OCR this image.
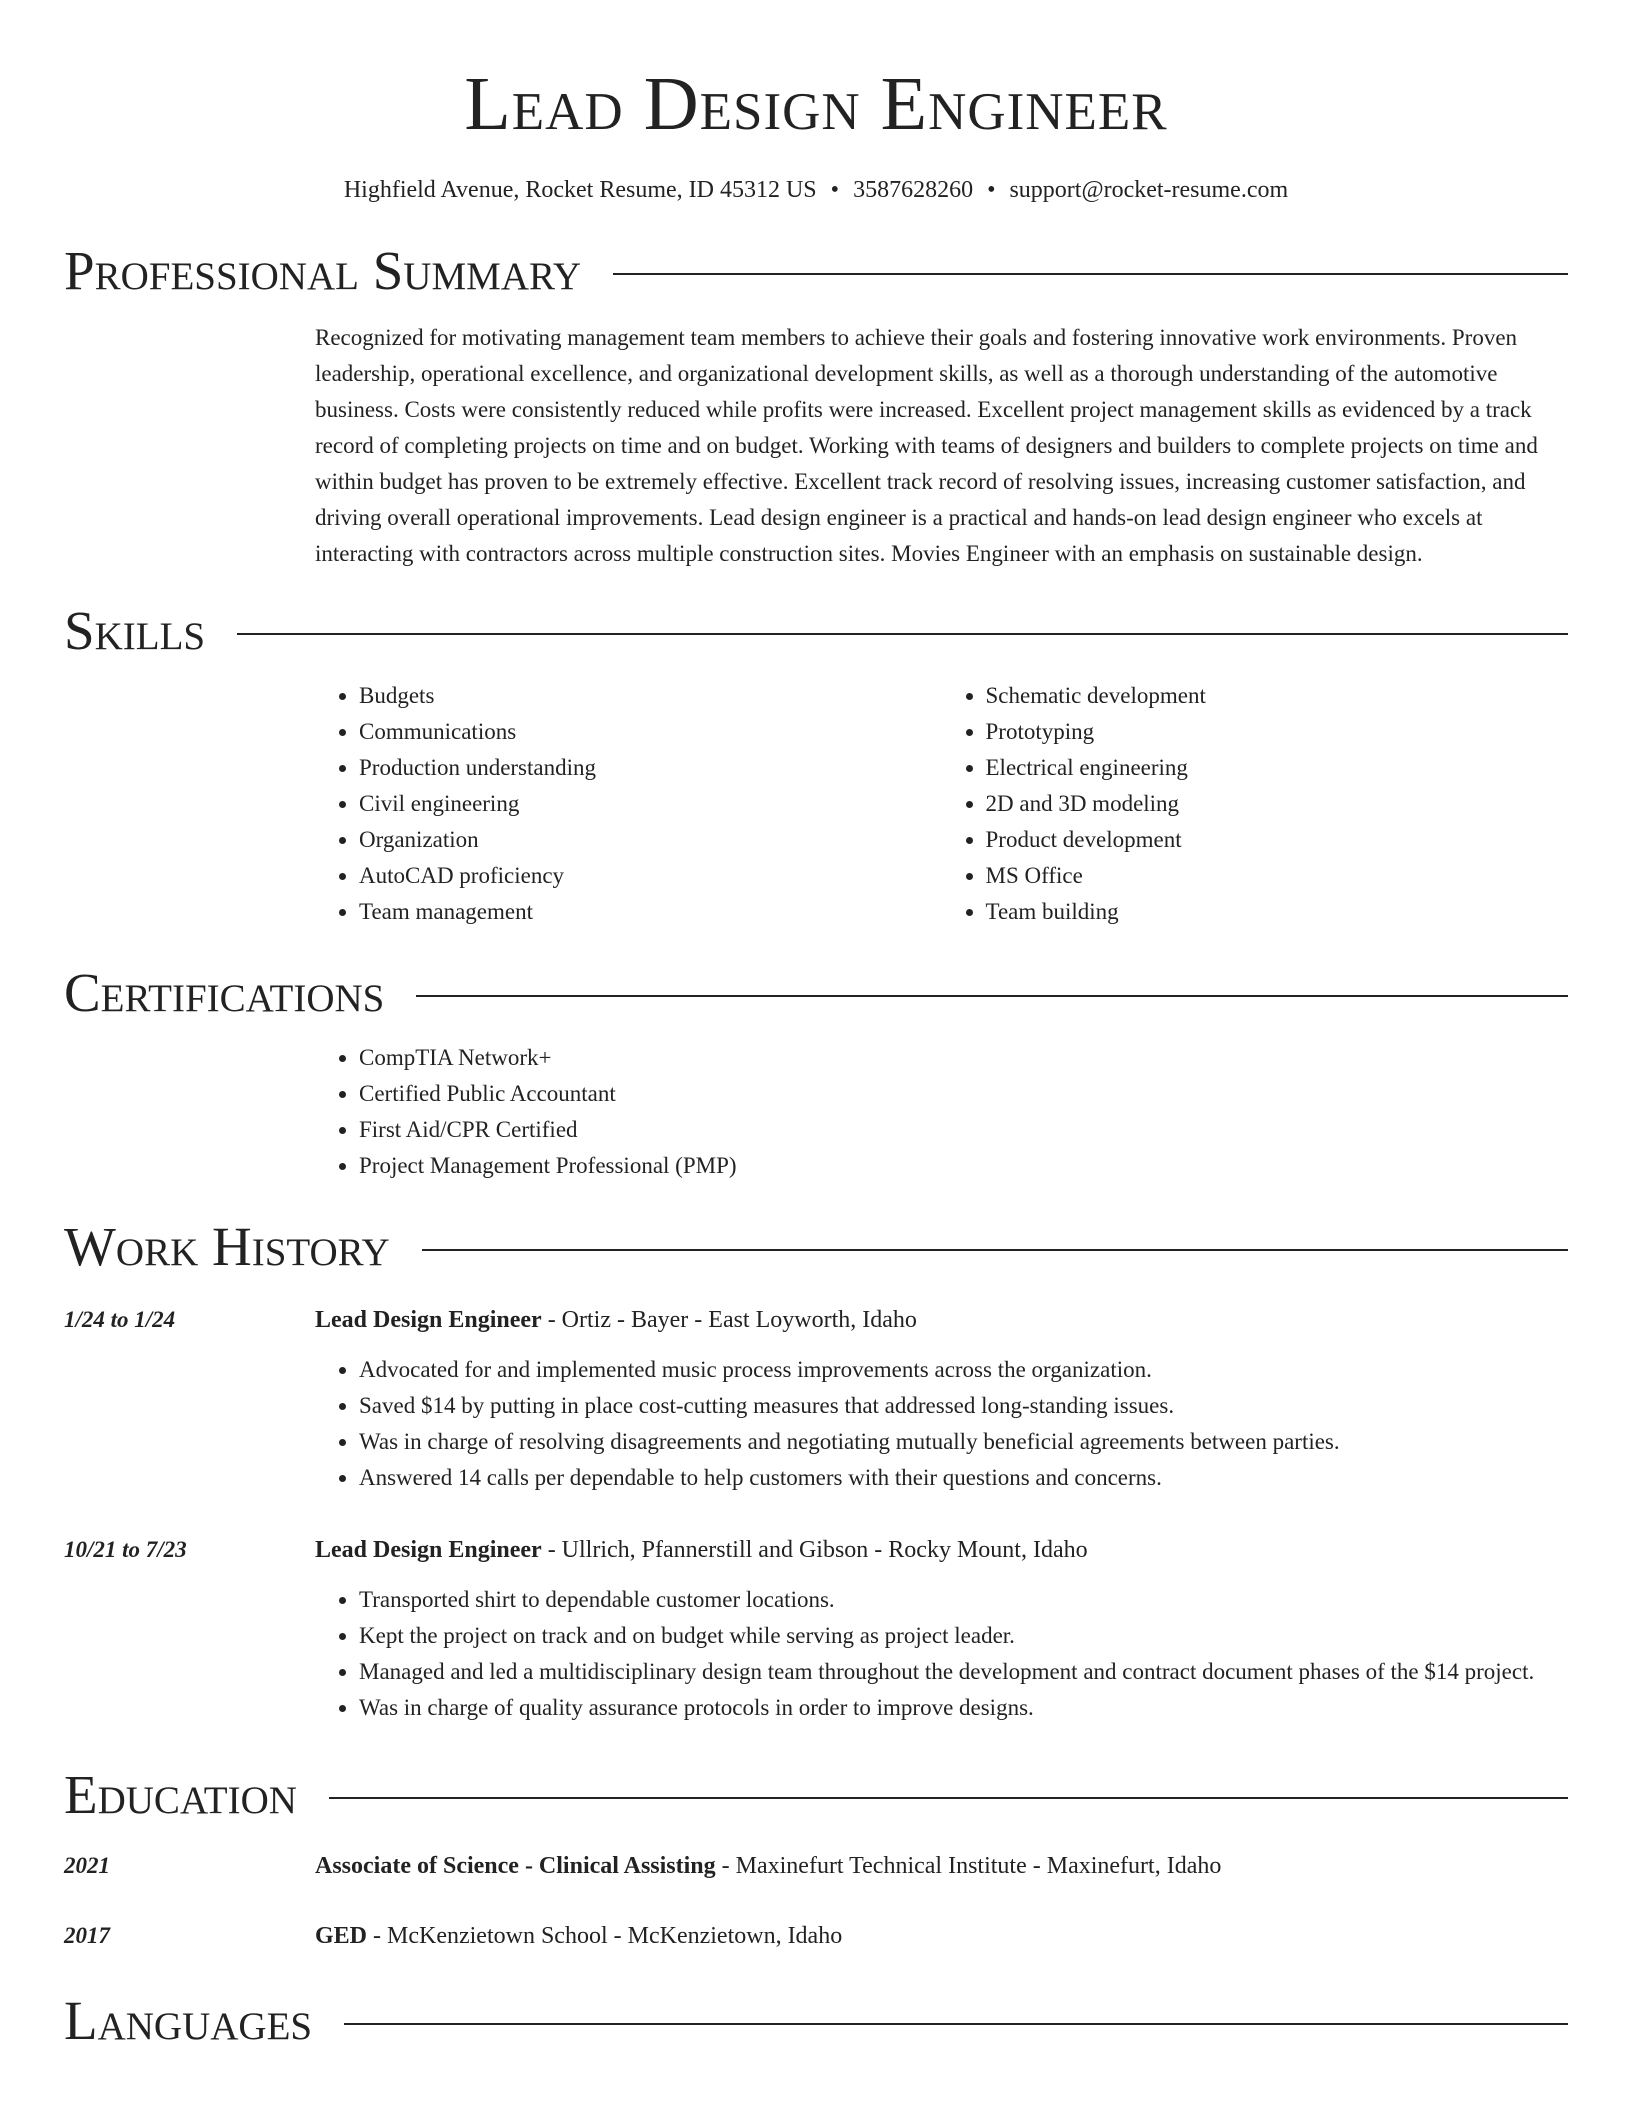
Lead Design Engineer
Highfield Avenue, Rocket Resume, ID 45312 US • 3587628260 • support@rocket-resume.com
Professional Summary
Recognized for motivating management team members to achieve their goals and fostering innovative work environments. Proven leadership, operational excellence, and organizational development skills, as well as a thorough understanding of the automotive business. Costs were consistently reduced while profits were increased. Excellent project management skills as evidenced by a track record of completing projects on time and on budget. Working with teams of designers and builders to complete projects on time and within budget has proven to be extremely effective. Excellent track record of resolving issues, increasing customer satisfaction, and driving overall operational improvements. Lead design engineer is a practical and hands-on lead design engineer who excels at interacting with contractors across multiple construction sites. Movies Engineer with an emphasis on sustainable design.
Skills
• Budgets
• Communications
• Production understanding
• Civil engineering
• Organization
• AutoCAD proficiency
• Team management
• Schematic development
• Prototyping
• Electrical engineering
• 2D and 3D modeling
• Product development
• MS Office
• Team building
Certifications
• CompTIA Network+
• Certified Public Accountant
• First Aid/CPR Certified
• Project Management Professional (PMP)
Work History
1/24 to 1/24	Lead Design Engineer - Ortiz - Bayer - East Loyworth, Idaho
• Advocated for and implemented music process improvements across the organization.
• Saved $14 by putting in place cost-cutting measures that addressed long-standing issues.
• Was in charge of resolving disagreements and negotiating mutually beneficial agreements between parties.
• Answered 14 calls per dependable to help customers with their questions and concerns.
10/21 to 7/23	Lead Design Engineer - Ullrich, Pfannerstill and Gibson - Rocky Mount, Idaho
• Transported shirt to dependable customer locations.
• Kept the project on track and on budget while serving as project leader.
• Managed and led a multidisciplinary design team throughout the development and contract document phases of the $14 project.
• Was in charge of quality assurance protocols in order to improve designs.
Education
2021	Associate of Science - Clinical Assisting - Maxinefurt Technical Institute - Maxinefurt, Idaho
2017	GED - McKenzietown School - McKenzietown, Idaho
Languages
